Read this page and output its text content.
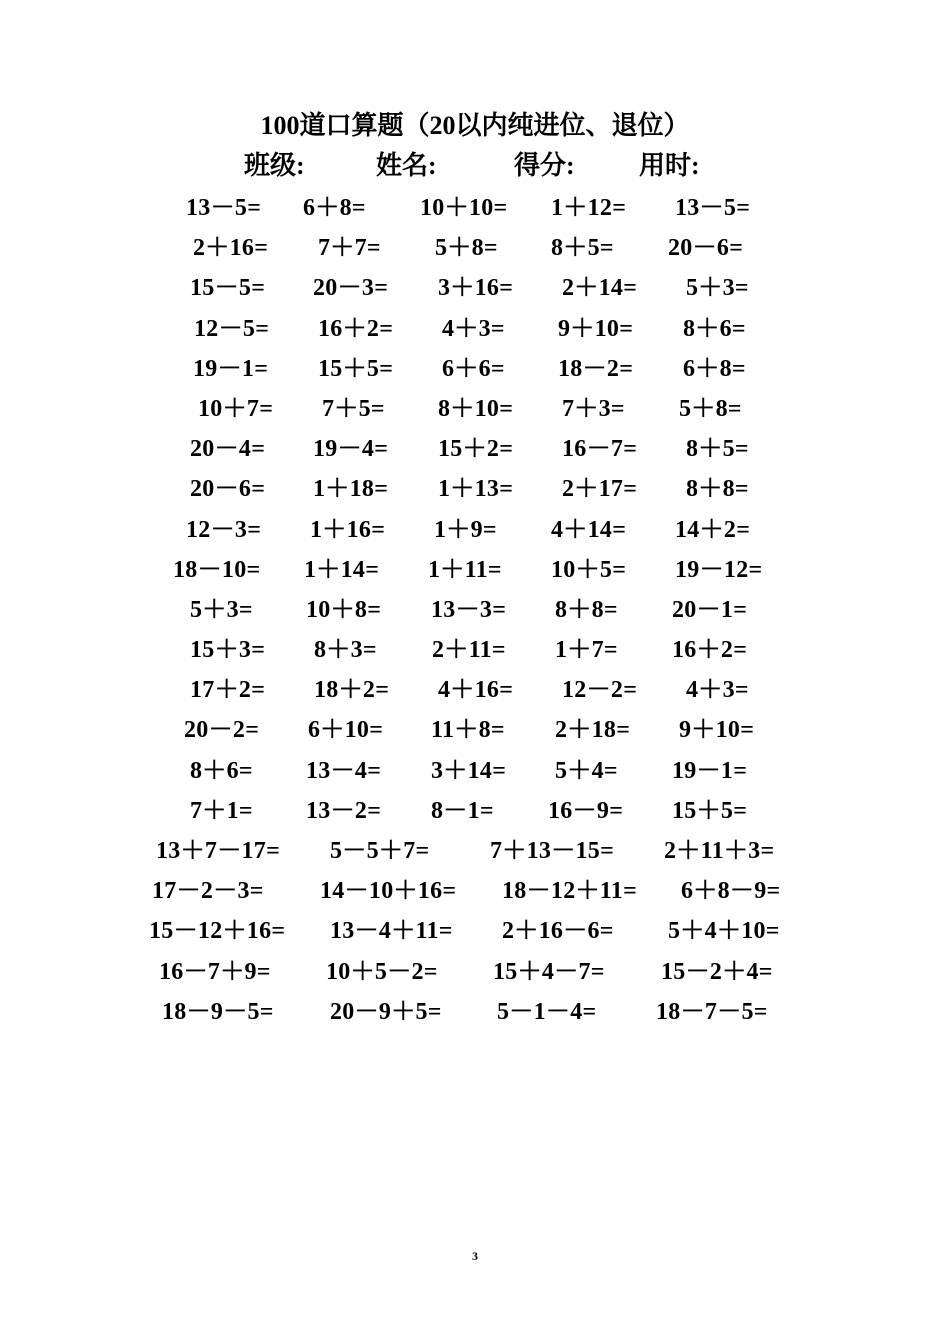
100道口算题（20以内纯进位、退位）
班级:	姓名:	得分: 用时:
13－5= 6＋8= 10＋10= 1＋12= 13－5=
2＋16= 7＋7= 5＋8= 8＋5= 20－6=
15－5= 20－3= 3＋16= 2＋14= 5＋3=
12－5= 16＋2= 4＋3= 9＋10= 8＋6=
19－1= 15＋5= 6＋6= 18－2= 6＋8=
10＋7= 7＋5= 8＋10= 7＋3= 5＋8=
20－4= 19－4= 15＋2= 16－7= 8＋5=
20－6= 1＋18= 1＋13= 2＋17= 8＋8=
12－3= 1＋16= 1＋9= 4＋14= 14＋2=
18－10= 1＋14= 1＋11= 10＋5= 19－12=
5＋3= 10＋8= 13－3= 8＋8= 20－1=
15＋3= 8＋3= 2＋11= 1＋7= 16＋2=
17＋2= 18＋2= 4＋16= 12－2= 4＋3=
20－2= 6＋10= 11＋8= 2＋18= 9＋10=
8＋6= 13－4= 3＋14= 5＋4= 19－1=
7＋1= 13－2= 8－1= 16－9= 15＋5=
13＋7－17= 5－5＋7=	7＋13－15= 2＋11＋3=
17－2－3= 14－10＋16= 18－12＋11= 6＋8－9=
15－12＋16= 13－4＋11= 2＋16－6= 5＋4＋10=
16－7＋9= 10＋5－2= 15＋4－7= 15－2＋4=
18－9－5= 20－9＋5= 5－1－4= 18－7－5=
3
